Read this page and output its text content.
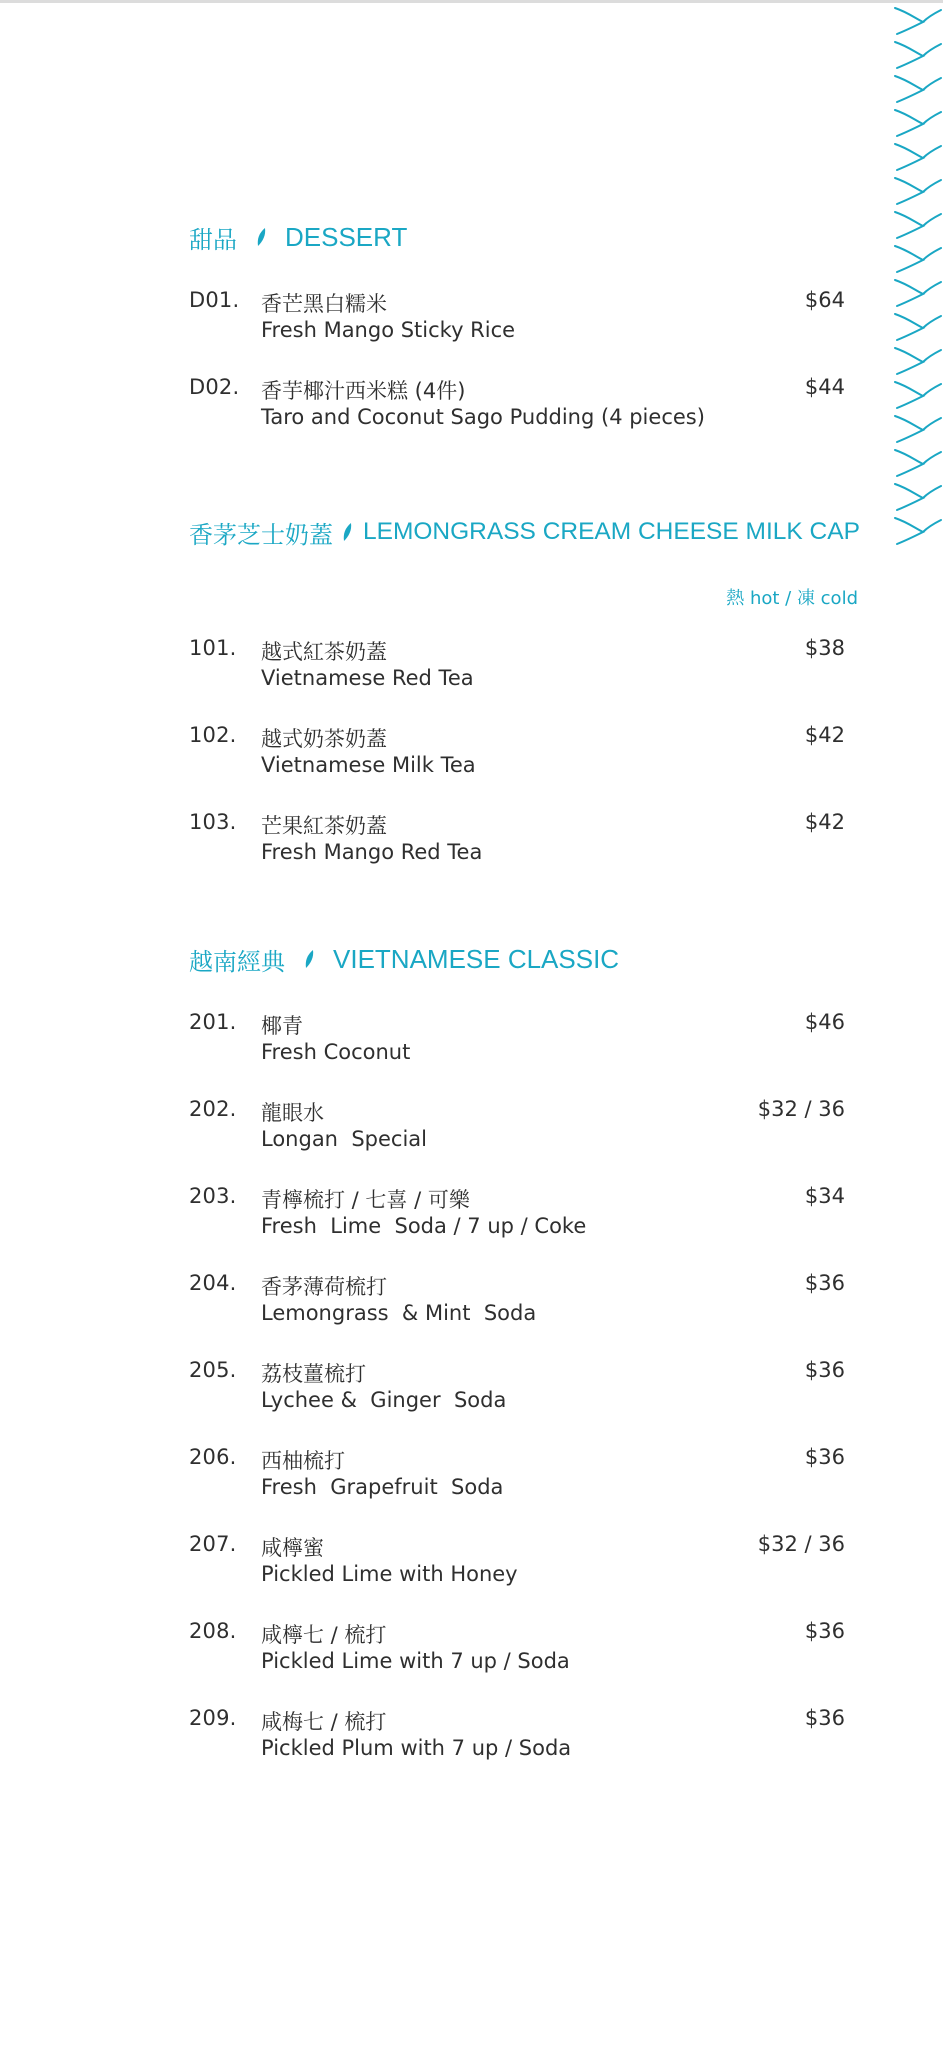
甜品 DESSERT
D01. 香芒黑白糯米
Fresh Mango Sticky Rice
$64
D02. 香芋椰汁西米糕 (4件)
Taro and Coconut Sago Pudding (4 pieces)
$44
香茅芝士奶蓋 LEMONGRASS CREAM CHEESE MILK CAP
熱 hot / 凍 cold
101. 越式紅茶奶蓋
Vietnamese Red Tea
$38
102. 越式奶茶奶蓋
Vietnamese Milk Tea
$42
103. 芒果紅茶奶蓋
Fresh Mango Red Tea
$42
越南經典 VIETNAMESE CLASSIC
201. 椰青
Fresh Coconut
$46
202. 龍眼水
Longan  Special
$32 / 36
203. 青檸梳打 / 七喜 / 可樂
Fresh  Lime  Soda / 7 up / Coke
$34
204. 香茅薄荷梳打
Lemongrass  & Mint  Soda
$36
205. 荔枝薑梳打
Lychee &  Ginger  Soda
$36
206. 西柚梳打
Fresh  Grapefruit  Soda
$36
207. 咸檸蜜
Pickled Lime with Honey
$32 / 36
208. 咸檸七 / 梳打
Pickled Lime with 7 up / Soda
$36
209. 咸梅七 / 梳打
Pickled Plum with 7 up / Soda
$36
